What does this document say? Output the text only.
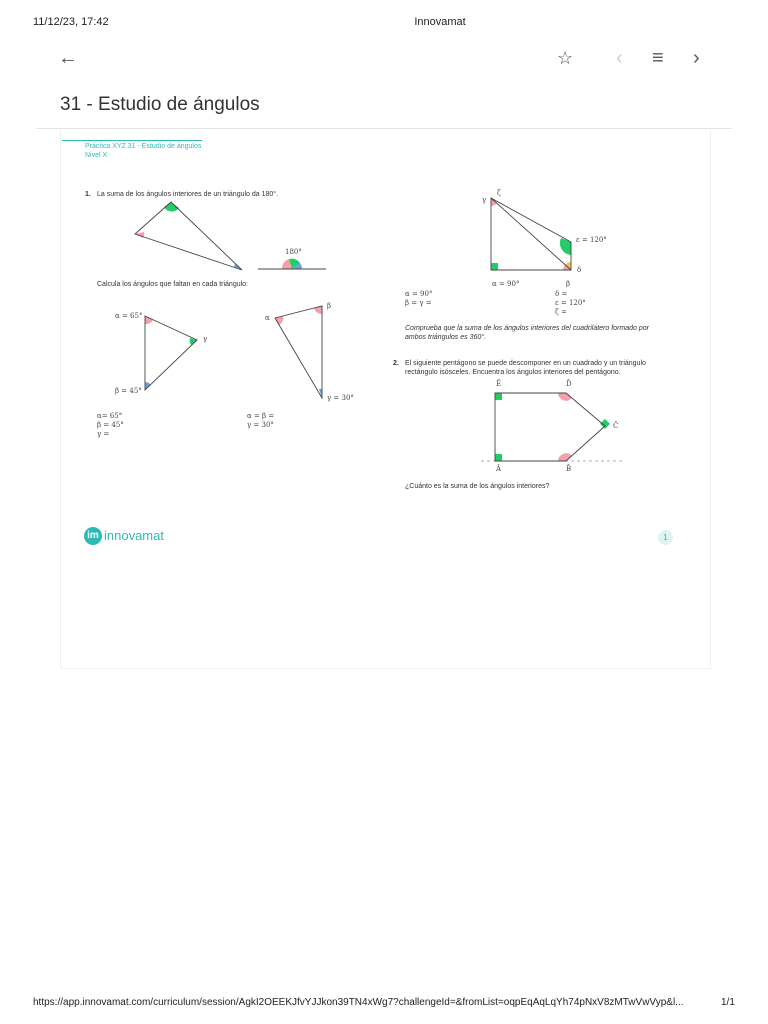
11/12/23, 17:42	Innovamat
←	☆ ‹ ≡ ›
31 - Estudio de ángulos
Práctica XYZ 31 - Estudio de ángulos
Nivel X
1. La suma de los ángulos interiores de un triángulo da 180°.
Calcula los ángulos que faltan en cada triángulo:
α= 65°
β = 45°
γ =
α = β =
γ = 30°
α = 90°
β = γ =
δ =
ε = 120°
ζ =
Comprueba que la suma de los ángulos interiores del cuadrilátero formado por
ambos triángulos es 360°.
2. El siguiente pentágono se puede descomponer en un cuadrado y un triángulo
rectángulo isósceles. Encuentra los ángulos interiores del pentágono.
¿Cuánto es la suma de los ángulos interiores?
180°
α = 65°
γ
β = 45°
α
β
γ = 30°
ζ
γ
ε = 120°
δ
α = 90°	β
Ê	D̂
Ĉ
B̂
Â
im innovamat	1
https://app.innovamat.com/curriculum/session/AgkI2OEEKJfvYJJkon39TN4xWg7?challengeId=&fromList=oqpEqAqLqYh74pNxV8zMTwVwVyp&l...	1/1
